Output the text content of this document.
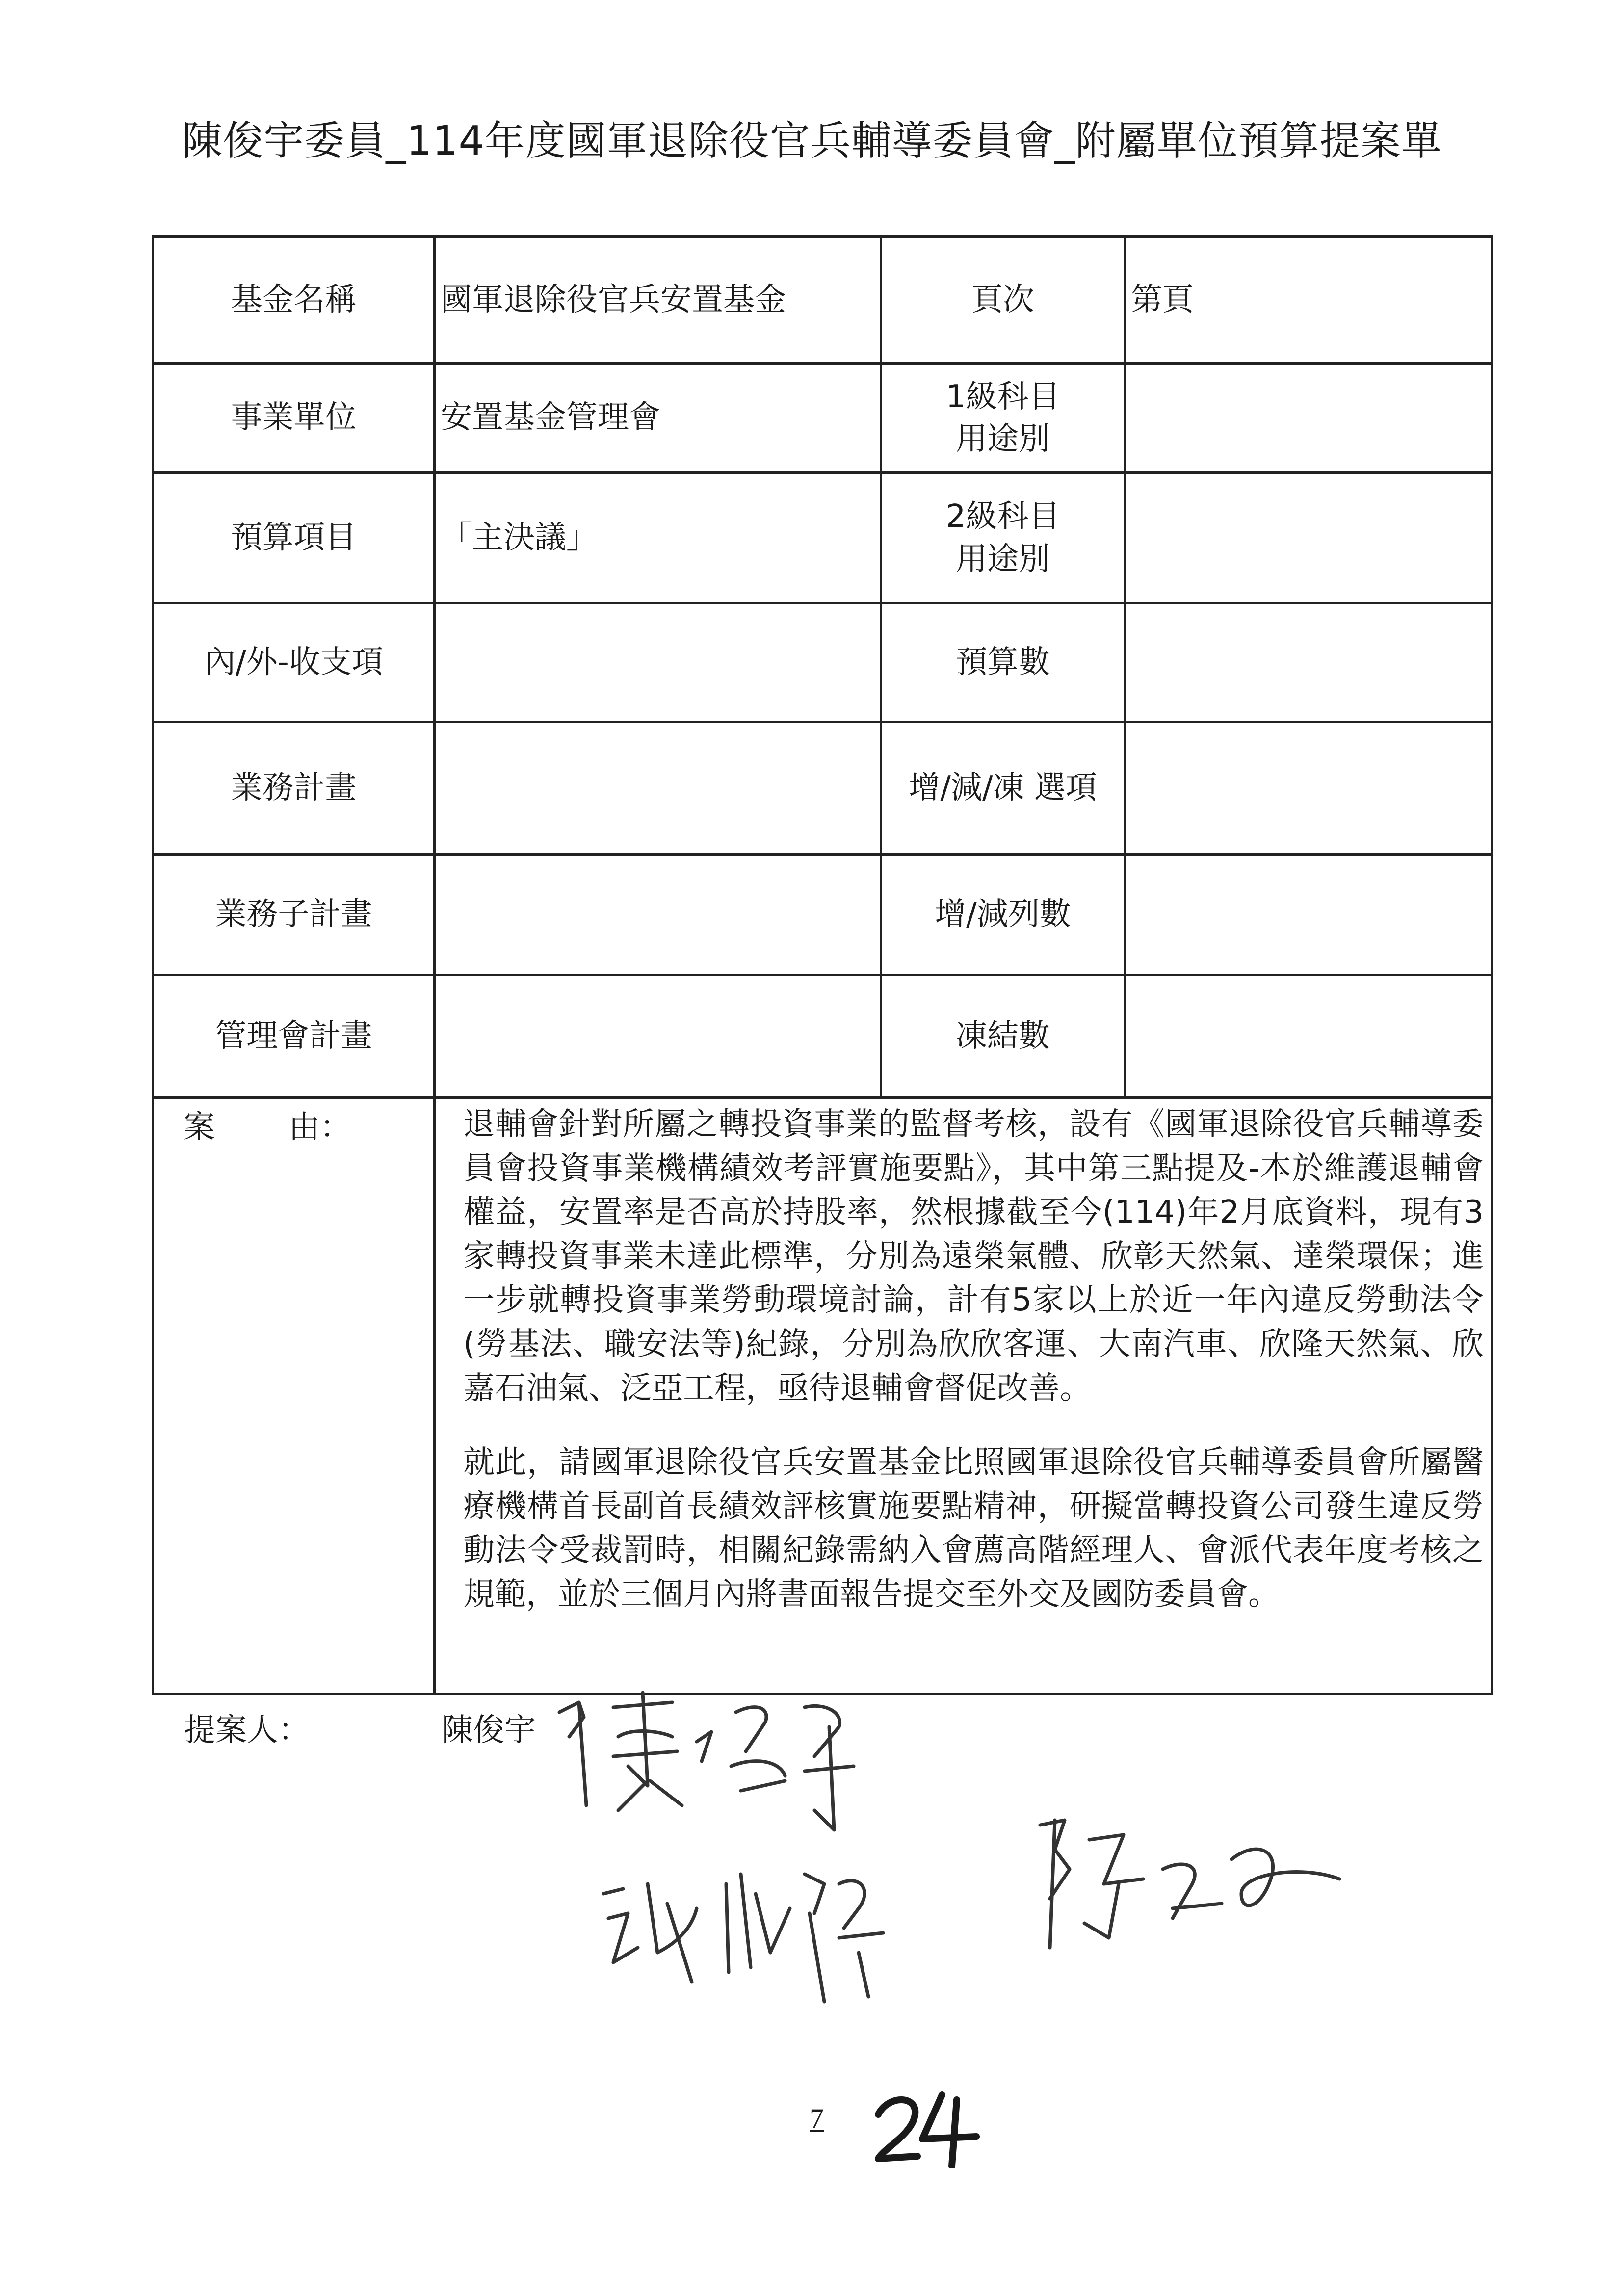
陳俊宇委員_114年度國軍退除役官兵輔導委員會_附屬單位預算提案單
基金名稱	國軍退除役官兵安置基金	頁次	第頁
事業單位	安置基金管理會	1級科目
用途別	
預算項目	「主決議」	2級科目
用途別	
內/外-收支項		預算數	
業務計畫		增/減/凍 選項	
業務子計畫		增/減列數	
管理會計畫		凍結數	
案 由：	退輔會針對所屬之轉投資事業的監督考核，設有《國軍退除役官兵輔導委員會投資事業機構績效考評實施要點》，其中第三點提及-本於維護退輔會權益，安置率是否高於持股率，然根據截至今(114)年2月底資料，現有3家轉投資事業未達此標準，分別為遠榮氣體、欣彰天然氣、達榮環保；進一步就轉投資事業勞動環境討論，計有5家以上於近一年內違反勞動法令(勞基法、職安法等)紀錄，分別為欣欣客運、大南汽車、欣隆天然氣、欣嘉石油氣、泛亞工程，亟待退輔會督促改善。

就此，請國軍退除役官兵安置基金比照國軍退除役官兵輔導委員會所屬醫療機構首長副首長績效評核實施要點精神，研擬當轉投資公司發生違反勞動法令受裁罰時，相關紀錄需納入會薦高階經理人、會派代表年度考核之規範，並於三個月內將書面報告提交至外交及國防委員會。		

提案人：	陳俊宇
7
